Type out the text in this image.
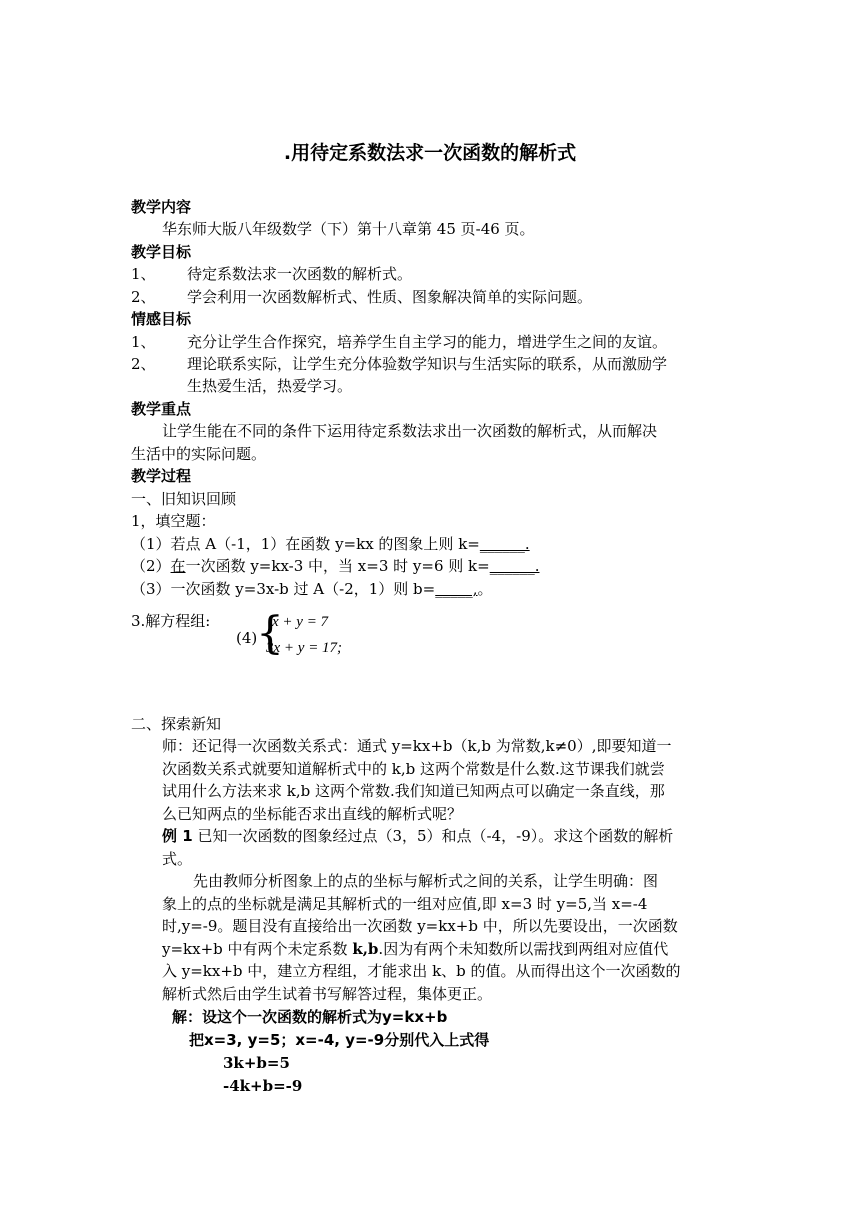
.用待定系数法求一次函数的解析式
教学内容
华东师大版八年级数学（下）第十八章第 45 页-46 页。
教学目标
1、 待定系数法求一次函数的解析式。
2、 学会利用一次函数解析式、性质、图象解决简单的实际问题。
情感目标
1、 充分让学生合作探究，培养学生自主学习的能力，增进学生之间的友谊。
2、 理论联系实际，让学生充分体验数学知识与生活实际的联系，从而激励学
生热爱生活，热爱学习。
教学重点
让学生能在不同的条件下运用待定系数法求出一次函数的解析式，从而解决
生活中的实际问题。
教学过程
一、旧知识回顾
1，填空题：
（1）若点 A（-1，1）在函数 y=kx 的图象上则 k=______.
（2）在一次函数 y=kx-3 中，当 x=3 时 y=6 则 k=______.
（3）一次函数 y=3x-b 过 A（-2，1）则 b=_____,。
3.解方程组:
(4)
{
x + y = 7
3x + y = 17;
二、探索新知
师：还记得一次函数关系式：通式 y=kx+b（k,b 为常数,k≠0）,即要知道一
次函数关系式就要知道解析式中的 k,b 这两个常数是什么数.这节课我们就尝
试用什么方法来求 k,b 这两个常数.我们知道已知两点可以确定一条直线，那
么已知两点的坐标能否求出直线的解析式呢？
例 1 已知一次函数的图象经过点（3，5）和点（-4，-9）。求这个函数的解析
式。
先由教师分析图象上的点的坐标与解析式之间的关系，让学生明确：图
象上的点的坐标就是满足其解析式的一组对应值,即 x=3 时 y=5,当 x=-4
时,y=-9。题目没有直接给出一次函数 y=kx+b 中，所以先要设出，一次函数
y=kx+b 中有两个未定系数 k,b.因为有两个未知数所以需找到两组对应值代
入 y=kx+b 中，建立方程组，才能求出 k、b 的值。从而得出这个一次函数的
解析式然后由学生试着书写解答过程，集体更正。
解：设这个一次函数的解析式为y=kx+b
把x=3, y=5；x=-4, y=-9分别代入上式得
3k+b=5
-4k+b=-9
